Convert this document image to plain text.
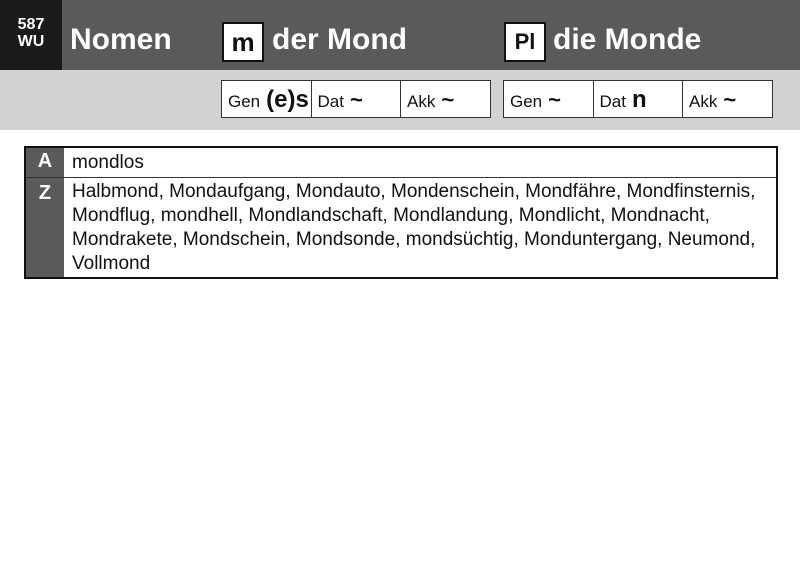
587
WU Nomen	m der Mond	Pl die Monde
Gen (e)s Dat ~	Akk ~	Gen ~ Dat n Akk ~
A	mondlos
Z	Halbmond, Mondaufgang, Mondauto, Mondenschein, Mondfähre, Mondfinsternis, Mondflug, mondhell, Mondlandschaft, Mondlandung, Mondlicht, Mondnacht, Mondrakete, Mondschein, Mondsonde, mondsüchtig, Monduntergang, Neumond, Vollmond
